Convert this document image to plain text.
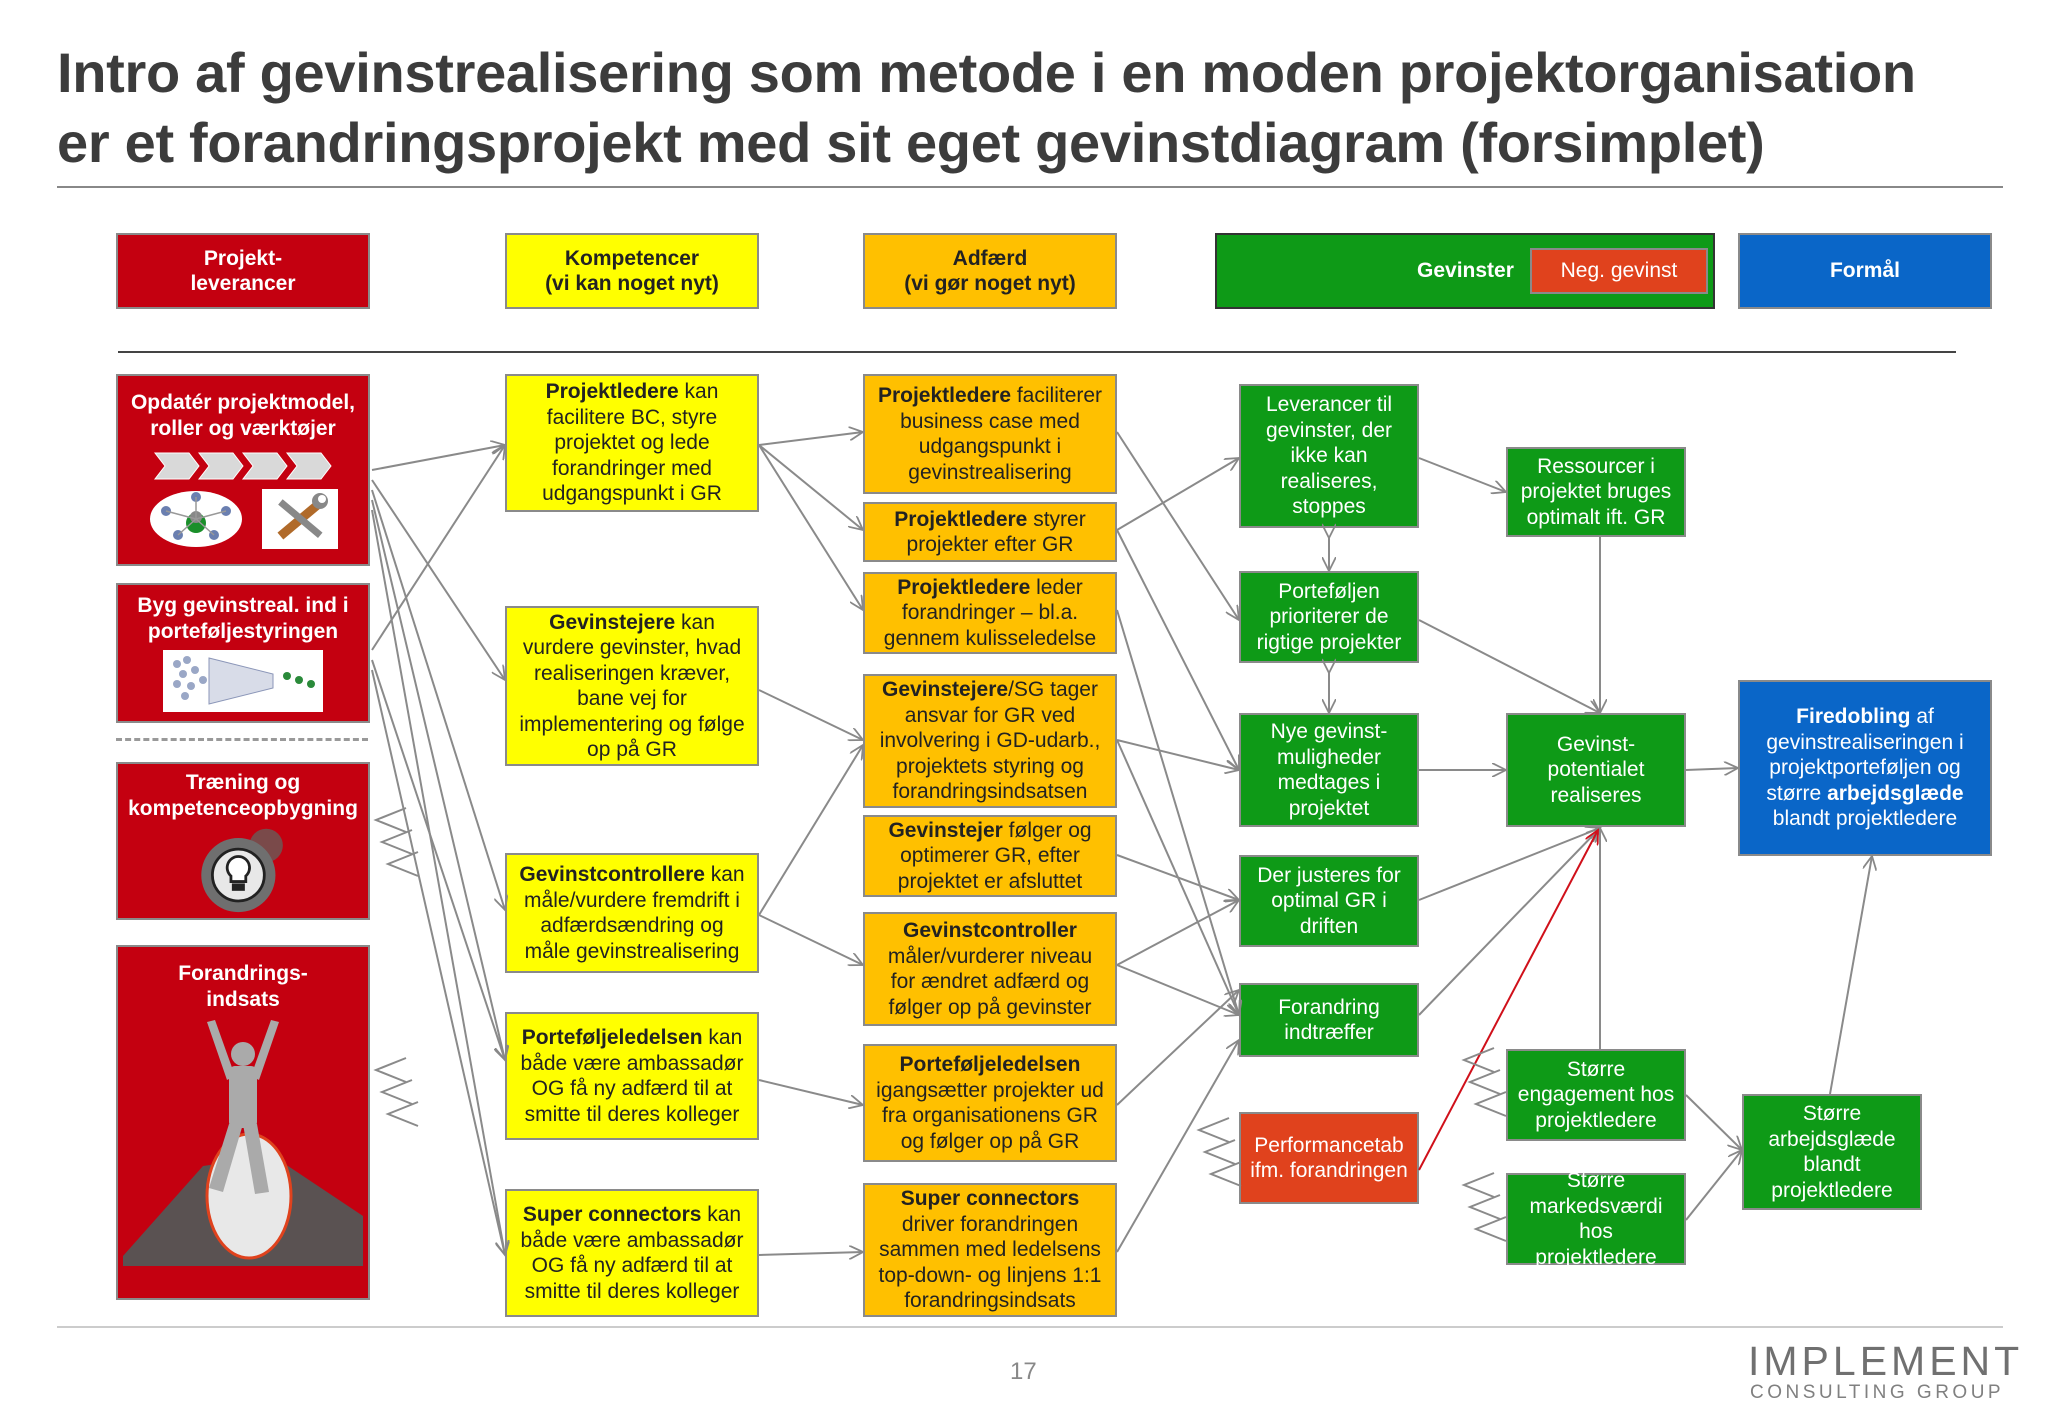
Intro af gevinstrealisering som metode i en moden projektorganisation
er et forandringsprojekt med sit eget gevinstdiagram (forsimplet)
Projekt-
leverancer
Kompetencer
(vi kan noget nyt)
Adfærd
(vi gør noget nyt)
Gevinster	Neg. gevinst	Formål
Opdatér projektmodel, roller og værktøjer
Byg gevinstreal. ind i porteføljestyringen
Træning og kompetenceopbygning
Forandrings-
indsats
Projektledere kan facilitere BC, styre projektet og lede forandringer med udgangspunkt i GR
Gevinstejere kan vurdere gevinster, hvad realiseringen kræver, bane vej for implementering og følge op på GR
Gevinstcontrollere kan måle/vurdere fremdrift i adfærdsændring og måle gevinstrealisering
Porteføljeledelsen kan både være ambassadør OG få ny adfærd til at smitte til deres kolleger
Super connectors kan både være ambassadør OG få ny adfærd til at smitte til deres kolleger
Projektledere faciliterer business case med udgangspunkt i gevinstrealisering
Projektledere styrer projekter efter GR
Projektledere leder forandringer – bl.a. gennem kulisseledelse
Gevinstejere/SG tager ansvar for GR ved involvering i GD-udarb., projektets styring og forandringsindsatsen
Gevinstejer følger og optimerer GR, efter projektet er afsluttet
Gevinstcontroller måler/vurderer niveau for ændret adfærd og følger op på gevinster
Porteføljeledelsen igangsætter projekter ud fra organisationens GR og følger op på GR
Super connectors driver forandringen sammen med ledelsens top-down- og linjens 1:1 forandringsindsats
Leverancer til gevinster, der ikke kan realiseres, stoppes
Porteføljen prioriterer de rigtige projekter
Nye gevinst-
muligheder medtages i projektet
Der justeres for optimal GR i driften
Forandring indtræffer
Performancetab ifm. forandringen
Ressourcer i projektet bruges optimalt ift. GR
Gevinst-
potentialet realiseres
Større engagement hos projektledere
Større markedsværdi hos projektledere
Firedobling af gevinstrealiseringen i projektporteføljen og større arbejdsglæde blandt projektledere
Større arbejdsglæde blandt projektledere
17	IMPLEMENT
CONSULTING GROUP
